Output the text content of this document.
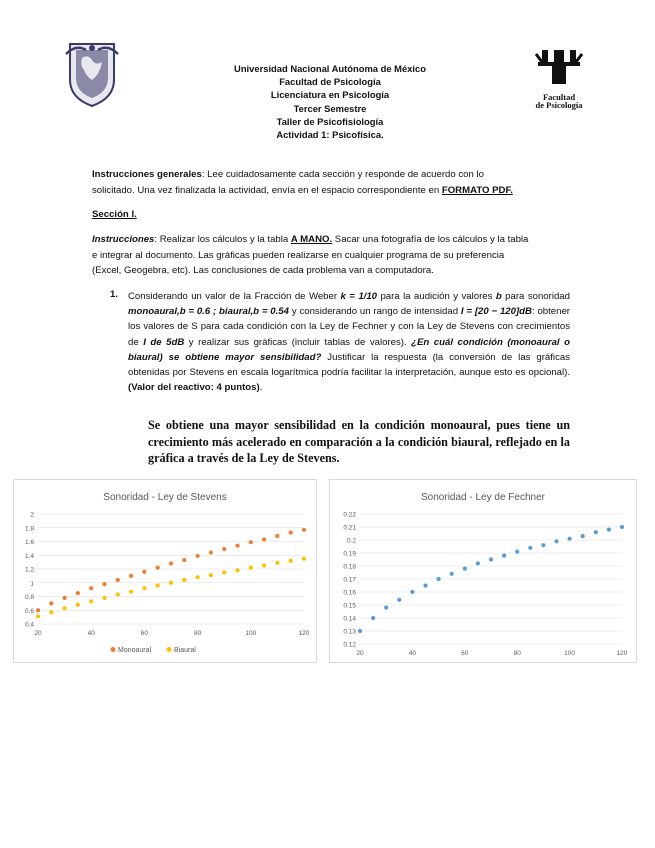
Universidad Nacional Autónoma de México
Facultad de Psicología
Licenciatura en Psicología
Tercer Semestre
Taller de Psicofisiología
Actividad 1: Psicofísica.
Facultad
de Psicología
Instrucciones generales: Lee cuidadosamente cada sección y responde de acuerdo con lo
solicitado. Una vez finalizada la actividad, envía en el espacio correspondiente en FORMATO PDF.
Sección I.
Instrucciones: Realizar los cálculos y la tabla A MANO. Sacar una fotografía de los cálculos y la tabla
e integrar al documento. Las gráficas pueden realizarse en cualquier programa de su preferencia
(Excel, Geogebra, etc). Las conclusiones de cada problema van a computadora.
1. Considerando un valor de la Fracción de Weber k = 1/10 para la audición y valores b para sonoridad monoaural,b = 0.6 ; biaural,b = 0.54 y considerando un rango de intensidad I = [20 − 120]dB: obtener los valores de S para cada condición con la Ley de Fechner y con la Ley de Stevens con crecimientos de I de 5dB y realizar sus gráficas (incluir tablas de valores). ¿En cuál condición (monoaural o biaural) se obtiene mayor sensibilidad? Justificar la respuesta (la conversión de las gráficas obtenidas por Stevens en escala logarítmica podría facilitar la interpretación, aunque esto es opcional). (Valor del reactivo: 4 puntos).
Se obtiene una mayor sensibilidad en la condición monoaural, pues tiene un crecimiento más acelerado en comparación a la condición biaural, reflejado en la gráfica a través de la Ley de Stevens.
Sonoridad - Ley de Stevens
0.4
0.6
0.8
1
1.2
1.4
1.6
1.8
2
20	40	60	80	100	120
Monoaural	Biaural
Sonoridad - Ley de Fechner
0.12
0.13
0.14
0.15
0.16
0.17
0.18
0.19
0.2
0.21
0.22
20	40	60	80	100	120
